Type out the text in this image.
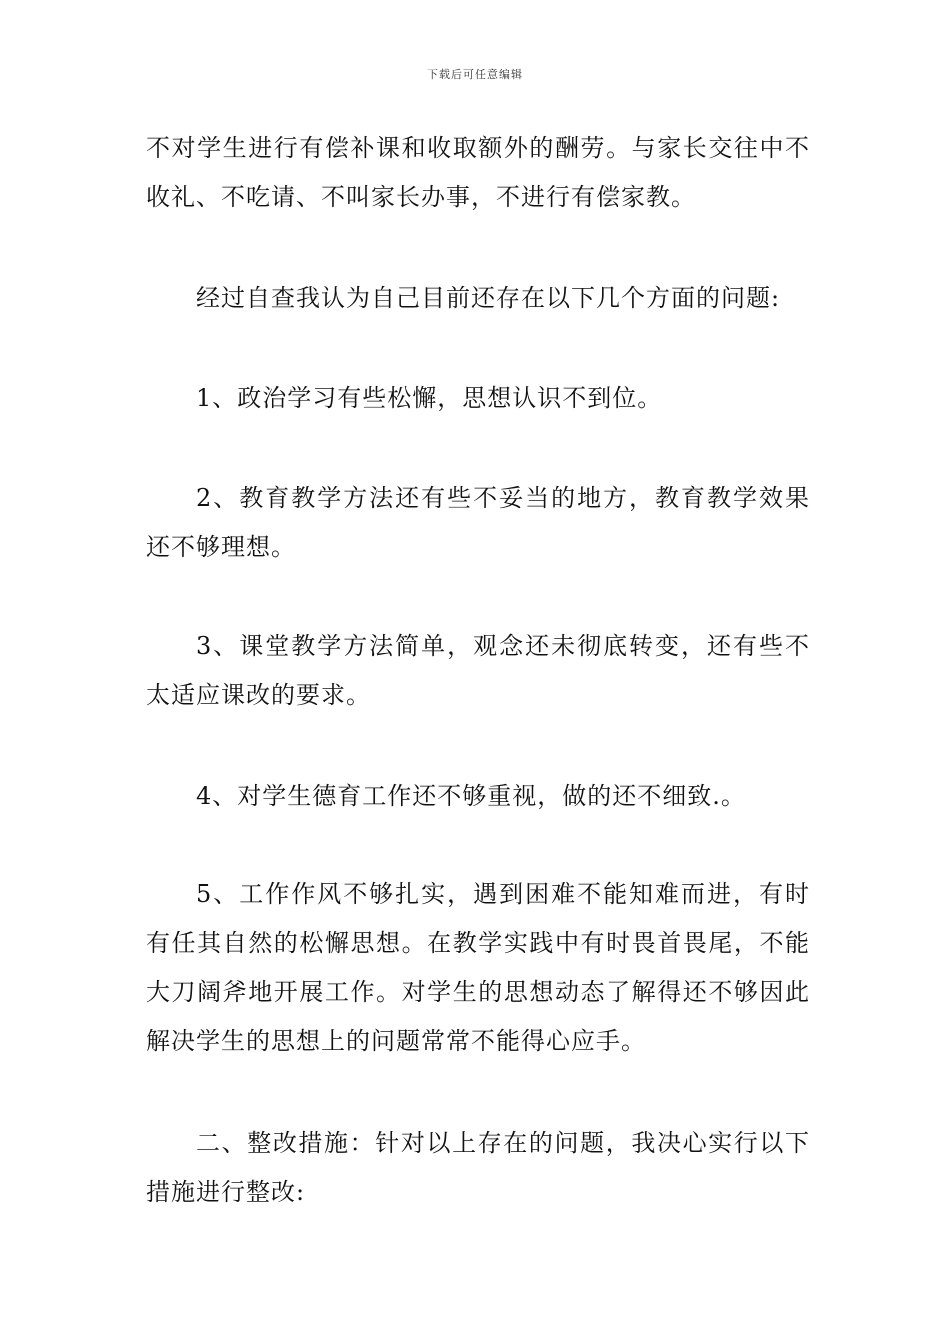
下载后可任意编辑

不对学生进行有偿补课和收取额外的酬劳。与家长交往中不收礼、不吃请、不叫家长办事，不进行有偿家教。

经过自查我认为自己目前还存在以下几个方面的问题:

1、政治学习有些松懈，思想认识不到位。

2、教育教学方法还有些不妥当的地方，教育教学效果还不够理想。

3、课堂教学方法简单，观念还未彻底转变，还有些不太适应课改的要求。

4、对学生德育工作还不够重视，做的还不细致.。

5、工作作风不够扎实，遇到困难不能知难而进，有时有任其自然的松懈思想。在教学实践中有时畏首畏尾，不能大刀阔斧地开展工作。对学生的思想动态了解得还不够因此解决学生的思想上的问题常常不能得心应手。

二、整改措施：针对以上存在的问题，我决心实行以下措施进行整改:
